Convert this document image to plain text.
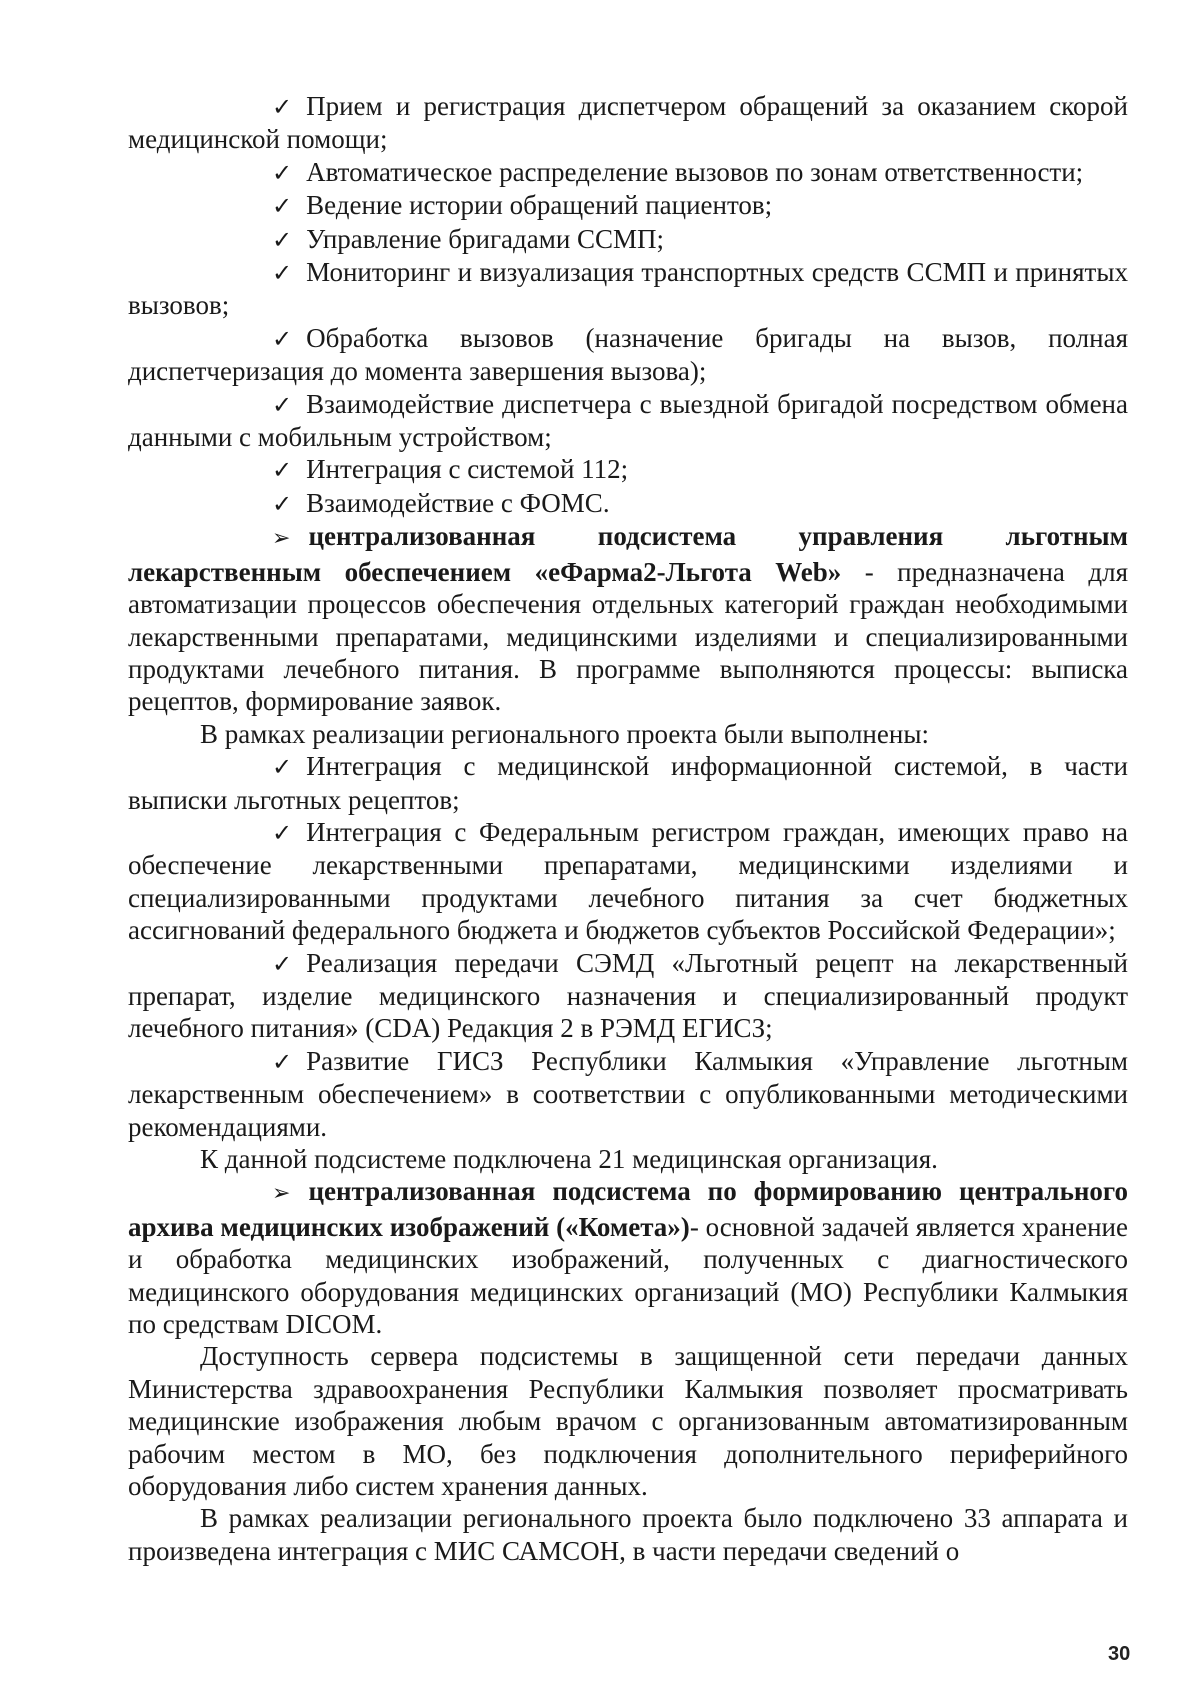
✓ Прием и регистрация диспетчером обращений за оказанием скорой медицинской помощи;

✓ Автоматическое распределение вызовов по зонам ответственности;

✓ Ведение истории обращений пациентов;

✓ Управление бригадами ССМП;

✓ Мониторинг и визуализация транспортных средств ССМП и принятых вызовов;

✓ Обработка вызовов (назначение бригады на вызов, полная диспетчеризация до момента завершения вызова);

✓ Взаимодействие диспетчера с выездной бригадой посредством обмена данными с мобильным устройством;

✓ Интеграция с системой 112;

✓ Взаимодействие с ФОМС.

➢ централизованная подсистема управления льготным лекарственным обеспечением «еФарма2-Льгота Web» - предназначена для автоматизации процессов обеспечения отдельных категорий граждан необходимыми лекарственными препаратами, медицинскими изделиями и специализированными продуктами лечебного питания. В программе выполняются процессы: выписка рецептов, формирование заявок.

В рамках реализации регионального проекта были выполнены:

✓ Интеграция с медицинской информационной системой, в части выписки льготных рецептов;

✓ Интеграция с Федеральным регистром граждан, имеющих право на обеспечение лекарственными препаратами, медицинскими изделиями и специализированными продуктами лечебного питания за счет бюджетных ассигнований федерального бюджета и бюджетов субъектов Российской Федерации»;

✓ Реализация передачи СЭМД «Льготный рецепт на лекарственный препарат, изделие медицинского назначения и специализированный продукт лечебного питания» (CDA) Редакция 2 в РЭМД ЕГИСЗ;

✓ Развитие ГИСЗ Республики Калмыкия «Управление льготным лекарственным обеспечением» в соответствии с опубликованными методическими рекомендациями.

К данной подсистеме подключена 21 медицинская организация.

➢ централизованная подсистема по формированию центрального архива медицинских изображений («Комета»)- основной задачей является хранение и обработка медицинских изображений, полученных с диагностического медицинского оборудования медицинских организаций (МО) Республики Калмыкия по средствам DICOM.

Доступность сервера подсистемы в защищенной сети передачи данных Министерства здравоохранения Республики Калмыкия позволяет просматривать медицинские изображения любым врачом с организованным автоматизированным рабочим местом в МО, без подключения дополнительного периферийного оборудования либо систем хранения данных.

В рамках реализации регионального проекта было подключено 33 аппарата и произведена интеграция с МИС САМСОН, в части передачи сведений о

30
